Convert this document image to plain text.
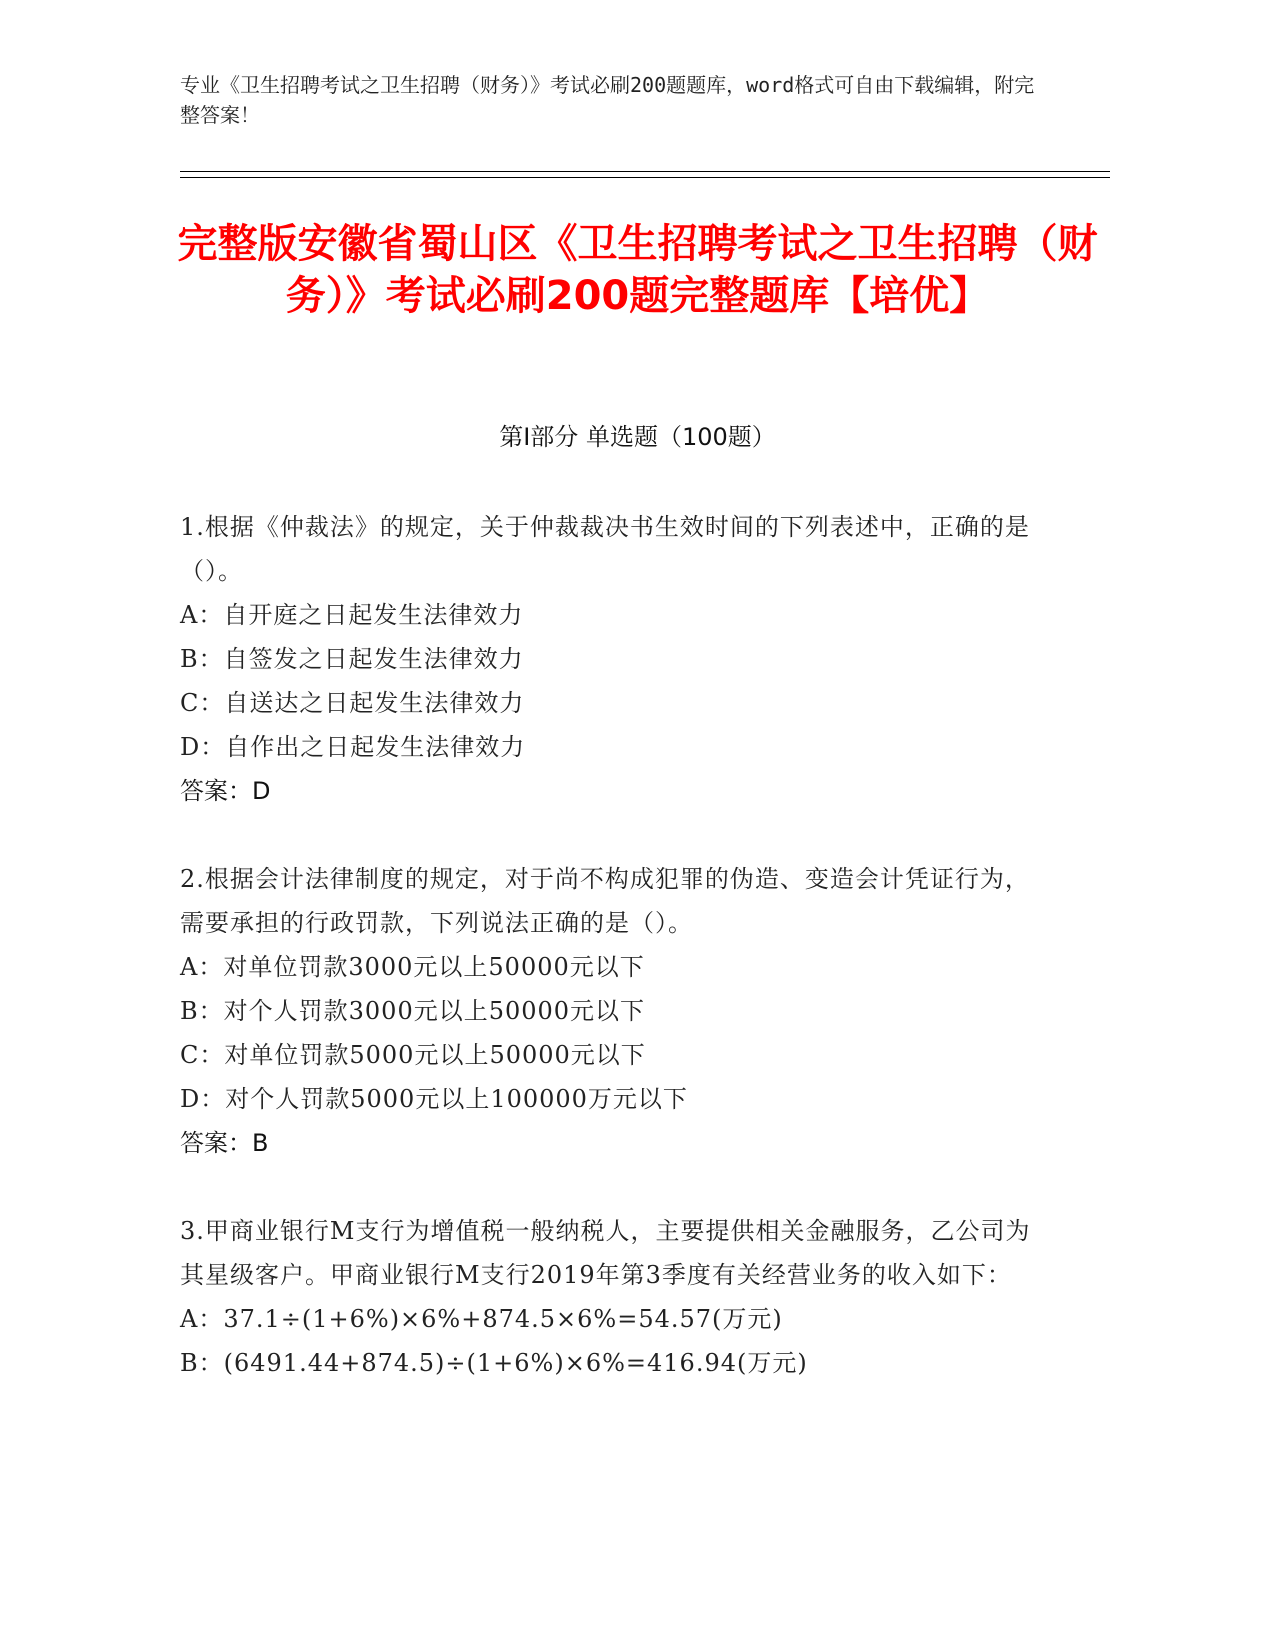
专业《卫生招聘考试之卫生招聘（财务）》考试必刷200题题库，word格式可自由下载编辑，附完整答案！
完整版安徽省蜀山区《卫生招聘考试之卫生招聘（财务）》考试必刷200题完整题库【培优】
第Ⅰ部分 单选题（100题）

1.根据《仲裁法》的规定，关于仲裁裁决书生效时间的下列表述中，正确的是（）。

A：自开庭之日起发生法律效力

B：自签发之日起发生法律效力

C：自送达之日起发生法律效力

D：自作出之日起发生法律效力

答案：D

2.根据会计法律制度的规定，对于尚不构成犯罪的伪造、变造会计凭证行为，需要承担的行政罚款，下列说法正确的是（）。

A：对单位罚款3000元以上50000元以下

B：对个人罚款3000元以上50000元以下

C：对单位罚款5000元以上50000元以下

D：对个人罚款5000元以上100000万元以下

答案：B

3.甲商业银行M支行为增值税一般纳税人，主要提供相关金融服务，乙公司为其星级客户。甲商业银行M支行2019年第3季度有关经营业务的收入如下：

A：37.1÷(1+6%)×6%+874.5×6%=54.57(万元)

B：(6491.44+874.5)÷(1+6%)×6%=416.94(万元)
